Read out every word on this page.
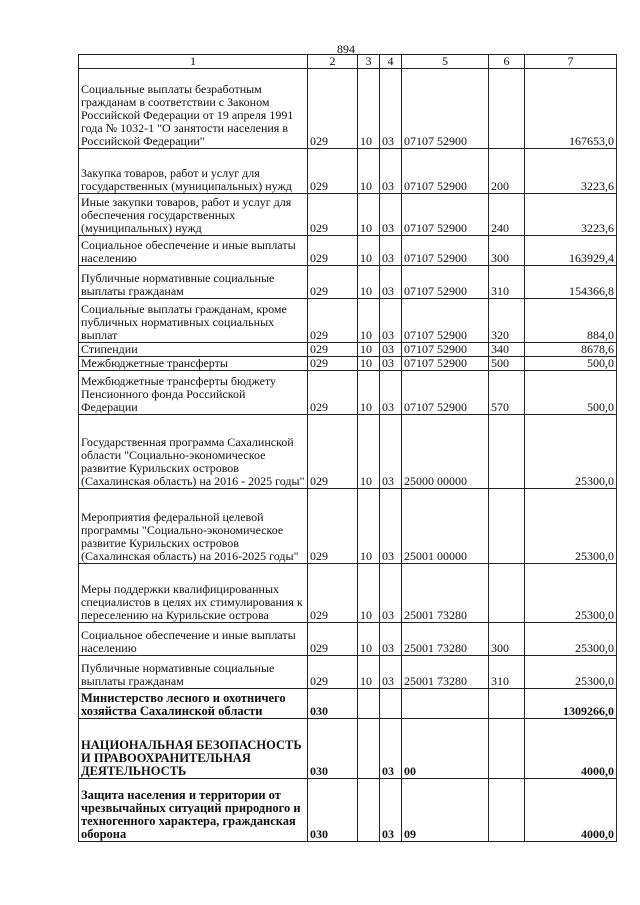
894
1	2	3	4	5	6	7
Социальные выплаты безработным гражданам в соответствии с Законом Российской Федерации от 19 апреля 1991 года № 1032-1 "О занятости населения в Российской Федерации"	029	10	03	07107 52900		167653,0
Закупка товаров, работ и услуг для государственных (муниципальных) нужд	029	10	03	07107 52900	200	3223,6
Иные закупки товаров, работ и услуг для обеспечения государственных (муниципальных) нужд	029	10	03	07107 52900	240	3223,6
Социальное обеспечение и иные выплаты населению	029	10	03	07107 52900	300	163929,4
Публичные нормативные социальные выплаты гражданам	029	10	03	07107 52900	310	154366,8
Социальные выплаты гражданам, кроме публичных нормативных социальных выплат	029	10	03	07107 52900	320	884,0
Стипендии	029	10	03	07107 52900	340	8678,6
Межбюджетные трансферты	029	10	03	07107 52900	500	500,0
Межбюджетные трансферты бюджету Пенсионного фонда Российской Федерации	029	10	03	07107 52900	570	500,0
Государственная программа Сахалинской области "Социально-экономическое развитие Курильских островов (Сахалинская область) на 2016 - 2025 годы"	029	10	03	25000 00000		25300,0
Мероприятия федеральной целевой программы "Социально-экономическое развитие Курильских островов (Сахалинская область) на 2016-2025 годы"	029	10	03	25001 00000		25300,0
Меры поддержки квалифицированных специалистов в целях их стимулирования к переселению на Курильские острова	029	10	03	25001 73280		25300,0
Социальное обеспечение и иные выплаты населению	029	10	03	25001 73280	300	25300,0
Публичные нормативные социальные выплаты гражданам	029	10	03	25001 73280	310	25300,0
Министерство лесного и охотничего хозяйства Сахалинской области	030					1309266,0
НАЦИОНАЛЬНАЯ БЕЗОПАСНОСТЬ И ПРАВООХРАНИТЕЛЬНАЯ ДЕЯТЕЛЬНОСТЬ	030		03	00		4000,0
Защита населения и территории от чрезвычайных ситуаций природного и техногенного характера, гражданская оборона	030		03	09		4000,0
